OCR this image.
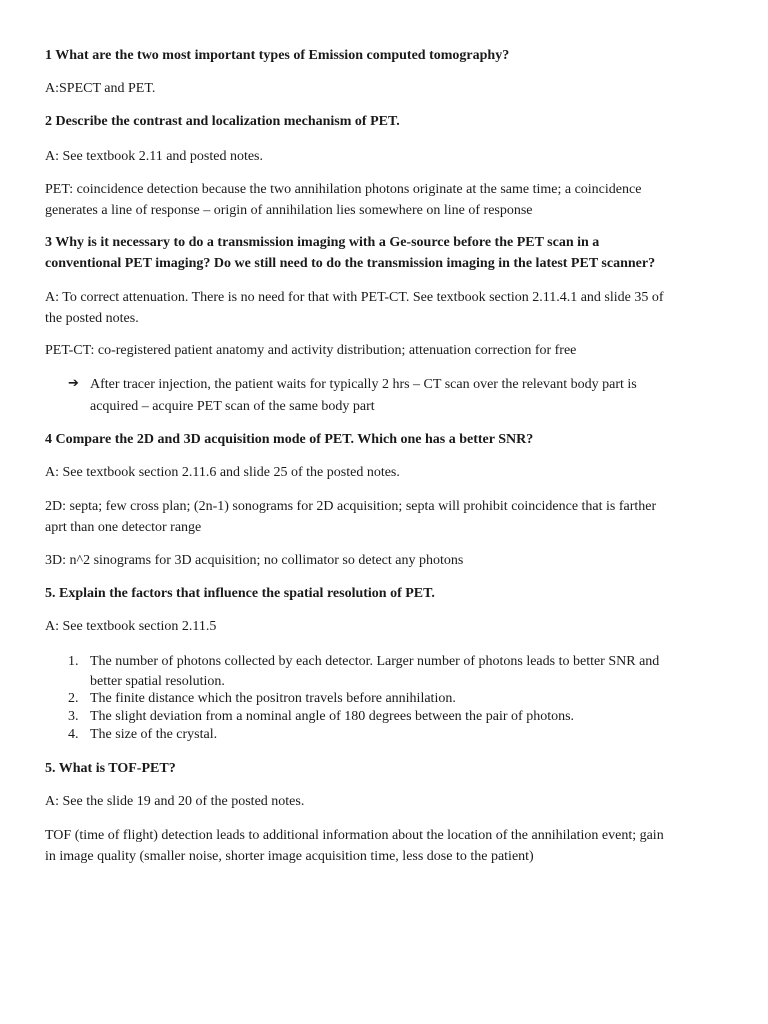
1 What are the two most important types of Emission computed tomography?
A:SPECT and PET.
2 Describe the contrast and localization mechanism of PET.
A: See textbook 2.11 and posted notes.
PET: coincidence detection because the two annihilation photons originate at the same time; a coincidence
generates a line of response – origin of annihilation lies somewhere on line of response
3 Why is it necessary to do a transmission imaging with a Ge-source before the PET scan in a
conventional PET imaging? Do we still need to do the transmission imaging in the latest PET scanner?
A: To correct attenuation. There is no need for that with PET-CT. See textbook section 2.11.4.1 and slide 35 of
the posted notes.
PET-CT: co-registered patient anatomy and activity distribution; attenuation correction for free
➔ After tracer injection, the patient waits for typically 2 hrs – CT scan over the relevant body part is
acquired – acquire PET scan of the same body part
4 Compare the 2D and 3D acquisition mode of PET. Which one has a better SNR?
A: See textbook section 2.11.6 and slide 25 of the posted notes.
2D: septa; few cross plan; (2n-1) sonograms for 2D acquisition; septa will prohibit coincidence that is farther
aprt than one detector range
3D: n^2 sinograms for 3D acquisition; no collimator so detect any photons
5. Explain the factors that influence the spatial resolution of PET.
A: See textbook section 2.11.5
1. The number of photons collected by each detector. Larger number of photons leads to better SNR and
better spatial resolution.
2. The finite distance which the positron travels before annihilation.
3. The slight deviation from a nominal angle of 180 degrees between the pair of photons.
4. The size of the crystal.
5. What is TOF-PET?
A: See the slide 19 and 20 of the posted notes.
TOF (time of flight) detection leads to additional information about the location of the annihilation event; gain
in image quality (smaller noise, shorter image acquisition time, less dose to the patient)
